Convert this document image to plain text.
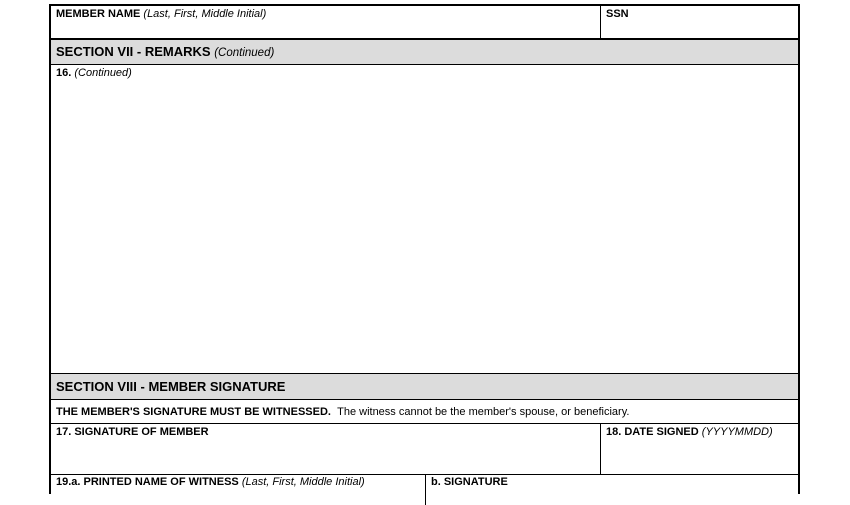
MEMBER NAME (Last, First, Middle Initial)	SSN
SECTION VII - REMARKS (Continued)
16. (Continued)
SECTION VIII - MEMBER SIGNATURE
THE MEMBER'S SIGNATURE MUST BE WITNESSED. The witness cannot be the member's spouse, or beneficiary.
17. SIGNATURE OF MEMBER	18. DATE SIGNED (YYYYMMDD)
19.a. PRINTED NAME OF WITNESS (Last, First, Middle Initial)	b. SIGNATURE
